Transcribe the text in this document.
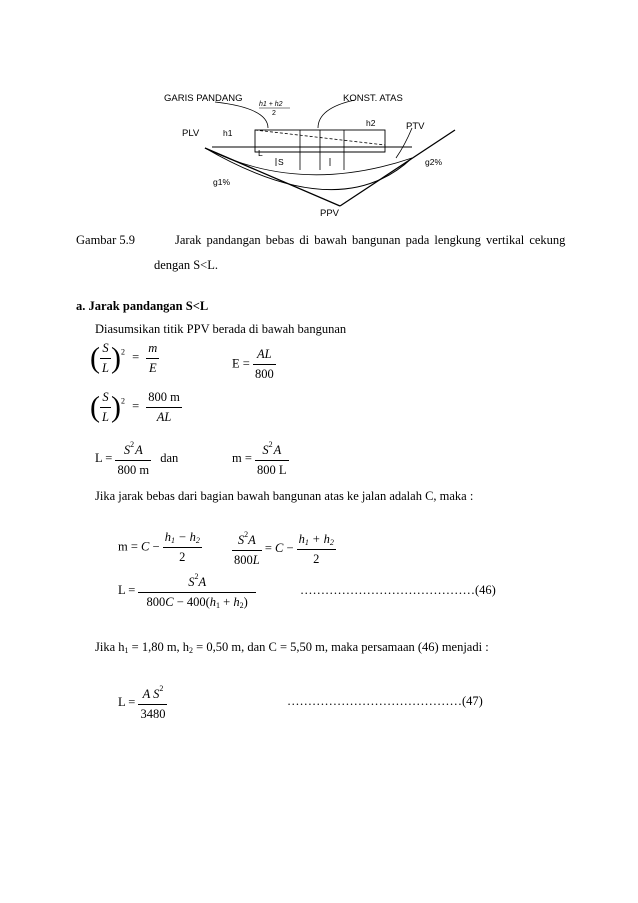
GARIS PANDANG	KONST. ATAS
h1 + h2
2
h2
h1
PLV
PTV
L
S	g2%
g1%
PPV
Gambar 5.9	Jarak pandangan bebas di bawah bangunan pada lengkung vertikal cekung
dengan S<L.
a. Jarak pandangan S<L
Diasumsikan titik PPV berada di bawah bangunan
( $\frac{S}{L} )^2 = \frac{m}{E}$	$E = \frac{AL}{800}$
( $\frac{S}{L} )^2 = \frac{800 m}{AL}$
$L = \frac{S^2 A}{800 m}$ dan	$m = \frac{S^2 A}{800 L}$
Jika jarak bebas dari bagian bawah bangunan atas ke jalan adalah C, maka :
$m = C - \frac{h_1 - h_2}{2} \frac{S^2A}{800L} = C - \frac{h_1 + h_2}{2}$
$L = \frac{S^2A}{800C - 400(h_1 + h_2)}$	……………………………………(46)
Jika $h_1 = 1,80$ m, $h_2 = 0,50$ m, dan C = 5,50 m, maka persamaan (46) menjadi :
$L = \frac{A S^2}{3480}$	……………………………………(47)
